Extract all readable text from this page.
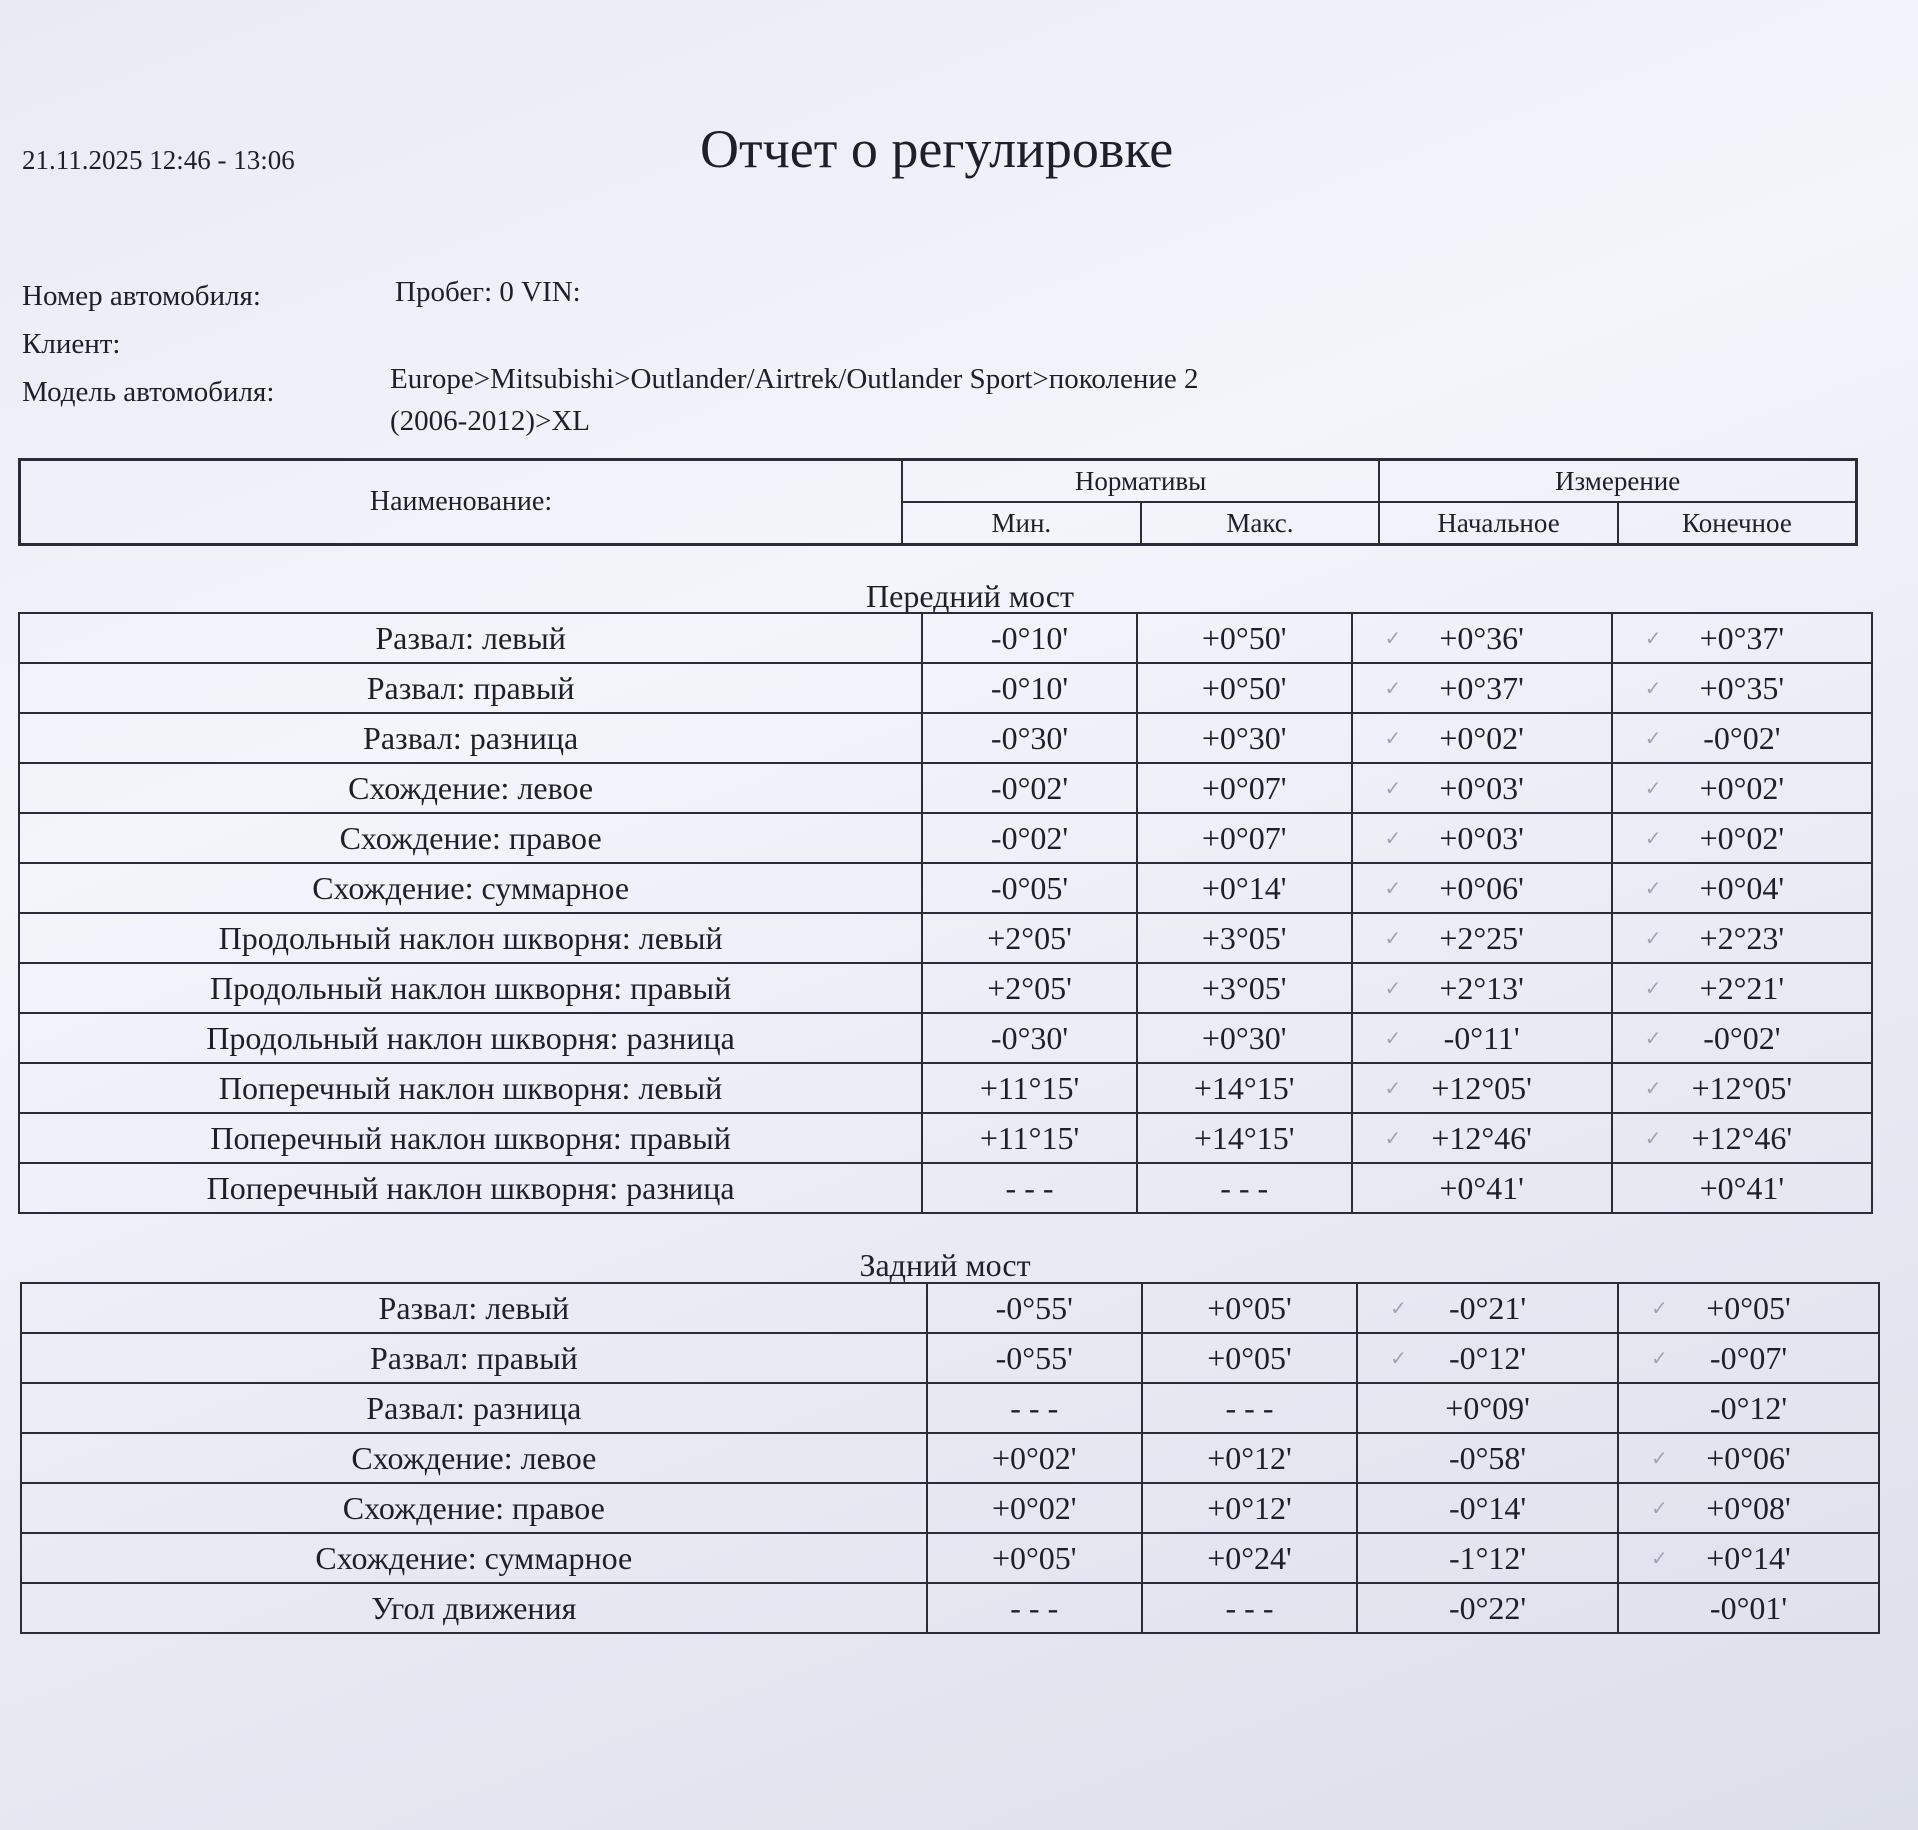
21.11.2025 12:46 - 13:06	Отчет о регулировке
Номер автомобиля:	Пробег: 0 VIN:
Клиент:
Модель автомобиля:	Europe>Mitsubishi>Outlander/Airtrek/Outlander Sport>поколение 2
(2006-2012)>XL
Наименование:	Нормативы		Измерение	
	Мин.	Макс.	Начальное	Конечное
Передний мост
Развал: левый	-0°10'	+0°50'	✓ +0°36'	✓ +0°37'
Развал: правый	-0°10'	+0°50'	✓ +0°37'	✓ +0°35'
Развал: разница	-0°30'	+0°30'	✓ +0°02'	✓ -0°02'
Схождение: левое	-0°02'	+0°07'	✓ +0°03'	✓ +0°02'
Схождение: правое	-0°02'	+0°07'	✓ +0°03'	✓ +0°02'
Схождение: суммарное	-0°05'	+0°14'	✓ +0°06'	✓ +0°04'
Продольный наклон шкворня: левый	+2°05'	+3°05'	✓ +2°25'	✓ +2°23'
Продольный наклон шкворня: правый	+2°05'	+3°05'	✓ +2°13'	✓ +2°21'
Продольный наклон шкворня: разница	-0°30'	+0°30'	✓ -0°11'	✓ -0°02'
Поперечный наклон шкворня: левый	+11°15'	+14°15'	✓ +12°05'	✓ +12°05'
Поперечный наклон шкворня: правый	+11°15'	+14°15'	✓ +12°46'	✓ +12°46'
Поперечный наклон шкворня: разница	- - -	- - -	+0°41'	+0°41'
Задний мост
Развал: левый	-0°55'	+0°05'	✓ -0°21'	✓ +0°05'
Развал: правый	-0°55'	+0°05'	✓ -0°12'	✓ -0°07'
Развал: разница	- - -	- - -	+0°09'	-0°12'
Схождение: левое	+0°02'	+0°12'	-0°58'	✓ +0°06'
Схождение: правое	+0°02'	+0°12'	-0°14'	✓ +0°08'
Схождение: суммарное	+0°05'	+0°24'	-1°12'	✓ +0°14'
Угол движения	- - -	- - -	-0°22'	-0°01'
